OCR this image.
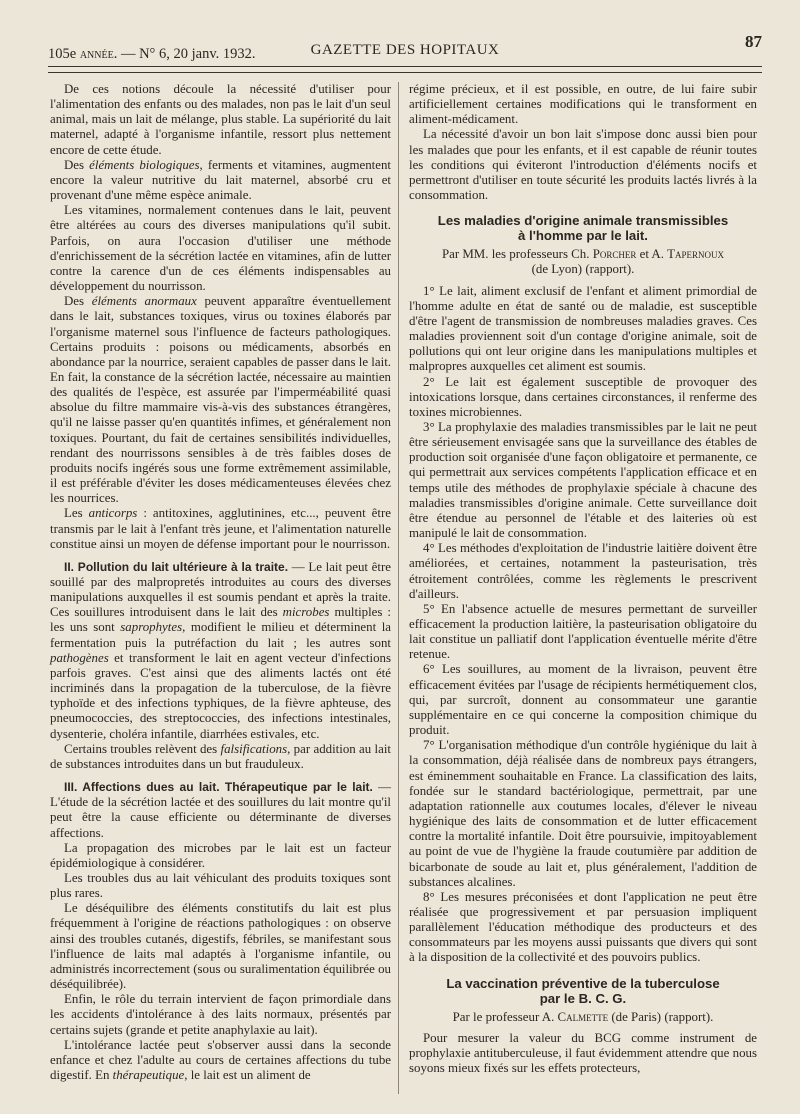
105e année. — N° 6, 20 janv. 1932.	GAZETTE DES HOPITAUX	87

De ces notions découle la nécessité d'utiliser pour l'alimentation des enfants ou des malades, non pas le lait d'un seul animal, mais un lait de mélange, plus stable. La supériorité du lait maternel, adapté à l'organisme infantile, ressort plus nettement encore de cette étude.

Des éléments biologiques, ferments et vitamines, augmentent encore la valeur nutritive du lait maternel, absorbé cru et provenant d'une même espèce animale.

Les vitamines, normalement contenues dans le lait, peuvent être altérées au cours des diverses manipulations qu'il subit. Parfois, on aura l'occasion d'utiliser une méthode d'enrichissement de la sécrétion lactée en vitamines, afin de lutter contre la carence d'un de ces éléments indispensables au développement du nourrisson.

Des éléments anormaux peuvent apparaître éventuellement dans le lait, substances toxiques, virus ou toxines élaborés par l'organisme maternel sous l'influence de facteurs pathologiques. Certains produits : poisons ou médicaments, absorbés en abondance par la nourrice, seraient capables de passer dans le lait. En fait, la constance de la sécrétion lactée, nécessaire au maintien des qualités de l'espèce, est assurée par l'imperméabilité quasi absolue du filtre mammaire vis-à-vis des substances étrangères, qu'il ne laisse passer qu'en quantités infimes, et généralement non toxiques. Pourtant, du fait de certaines sensibilités individuelles, rendant des nourrissons sensibles à de très faibles doses de produits nocifs ingérés sous une forme extrêmement assimilable, il est préférable d'éviter les doses médicamenteuses élevées chez les nourrices.

Les anticorps : antitoxines, agglutinines, etc..., peuvent être transmis par le lait à l'enfant très jeune, et l'alimentation naturelle constitue ainsi un moyen de défense important pour le nourrisson.

II. Pollution du lait ultérieure à la traite. — Le lait peut être souillé par des malpropretés introduites au cours des diverses manipulations auxquelles il est soumis pendant et après la traite. Ces souillures introduisent dans le lait des microbes multiples : les uns sont saprophytes, modifient le milieu et déterminent la fermentation puis la putréfaction du lait ; les autres sont pathogènes et transforment le lait en agent vecteur d'infections parfois graves. C'est ainsi que des aliments lactés ont été incriminés dans la propagation de la tuberculose, de la fièvre typhoïde et des infections typhiques, de la fièvre aphteuse, des pneumococcies, des streptococcies, des infections intestinales, dysenterie, choléra infantile, diarrhées estivales, etc.

Certains troubles relèvent des falsifications, par addition au lait de substances introduites dans un but frauduleux.

III. Affections dues au lait. Thérapeutique par le lait. — L'étude de la sécrétion lactée et des souillures du lait montre qu'il peut être la cause efficiente ou déterminante de diverses affections.

La propagation des microbes par le lait est un facteur épidémiologique à considérer.

Les troubles dus au lait véhiculant des produits toxiques sont plus rares.

Le déséquilibre des éléments constitutifs du lait est plus fréquemment à l'origine de réactions pathologiques : on observe ainsi des troubles cutanés, digestifs, fébriles, se manifestant sous l'influence de laits mal adaptés à l'organisme infantile, ou administrés incorrectement (sous ou suralimentation équilibrée ou déséquilibrée).

Enfin, le rôle du terrain intervient de façon primordiale dans les accidents d'intolérance à des laits normaux, présentés par certains sujets (grande et petite anaphylaxie au lait).

L'intolérance lactée peut s'observer aussi dans la seconde enfance et chez l'adulte au cours de certaines affections du tube digestif. En thérapeutique, le lait est un aliment de

régime précieux, et il est possible, en outre, de lui faire subir artificiellement certaines modifications qui le transforment en aliment-médicament.

La nécessité d'avoir un bon lait s'impose donc aussi bien pour les malades que pour les enfants, et il est capable de réunir toutes les conditions qui éviteront l'introduction d'éléments nocifs et permettront d'utiliser en toute sécurité les produits lactés livrés à la consommation.

Les maladies d'origine animale transmissibles
à l'homme par le lait.
Par MM. les professeurs Ch. Porcher et A. Tapernoux
(de Lyon) (rapport).

1° Le lait, aliment exclusif de l'enfant et aliment primordial de l'homme adulte en état de santé ou de maladie, est susceptible d'être l'agent de transmission de nombreuses maladies graves. Ces maladies proviennent soit d'un contage d'origine animale, soit de pollutions qui ont leur origine dans les manipulations multiples et malpropres auxquelles cet aliment est soumis.

2° Le lait est également susceptible de provoquer des intoxications lorsque, dans certaines circonstances, il renferme des toxines microbiennes.

3° La prophylaxie des maladies transmissibles par le lait ne peut être sérieusement envisagée sans que la surveillance des étables de production soit organisée d'une façon obligatoire et permanente, ce qui permettrait aux services compétents l'application efficace et en temps utile des méthodes de prophylaxie spéciale à chacune des maladies transmissibles d'origine animale. Cette surveillance doit être étendue au personnel de l'étable et des laiteries où est manipulé le lait de consommation.

4° Les méthodes d'exploitation de l'industrie laitière doivent être améliorées, et certaines, notamment la pasteurisation, très étroitement contrôlées, comme les règlements le prescrivent d'ailleurs.

5° En l'absence actuelle de mesures permettant de surveiller efficacement la production laitière, la pasteurisation obligatoire du lait constitue un palliatif dont l'application éventuelle mérite d'être retenue.

6° Les souillures, au moment de la livraison, peuvent être efficacement évitées par l'usage de récipients hermétiquement clos, qui, par surcroît, donnent au consommateur une garantie supplémentaire en ce qui concerne la composition chimique du produit.

7° L'organisation méthodique d'un contrôle hygiénique du lait à la consommation, déjà réalisée dans de nombreux pays étrangers, est éminemment souhaitable en France. La classification des laits, fondée sur le standard bactériologique, permettrait, par une adaptation rationnelle aux coutumes locales, d'élever le niveau hygiénique des laits de consommation et de lutter efficacement contre la mortalité infantile. Doit être poursuivie, impitoyablement au point de vue de l'hygiène la fraude coutumière par addition de bicarbonate de soude au lait et, plus généralement, l'addition de substances alcalines.

8° Les mesures préconisées et dont l'application ne peut être réalisée que progressivement et par persuasion impliquent parallèlement l'éducation méthodique des producteurs et des consommateurs par les moyens aussi puissants que divers qui sont à la disposition de la collectivité et des pouvoirs publics.

La vaccination préventive de la tuberculose
par le B. C. G.
Par le professeur A. Calmette (de Paris) (rapport).

Pour mesurer la valeur du BCG comme instrument de prophylaxie antituberculeuse, il faut évidemment attendre que nous soyons mieux fixés sur les effets protecteurs,
